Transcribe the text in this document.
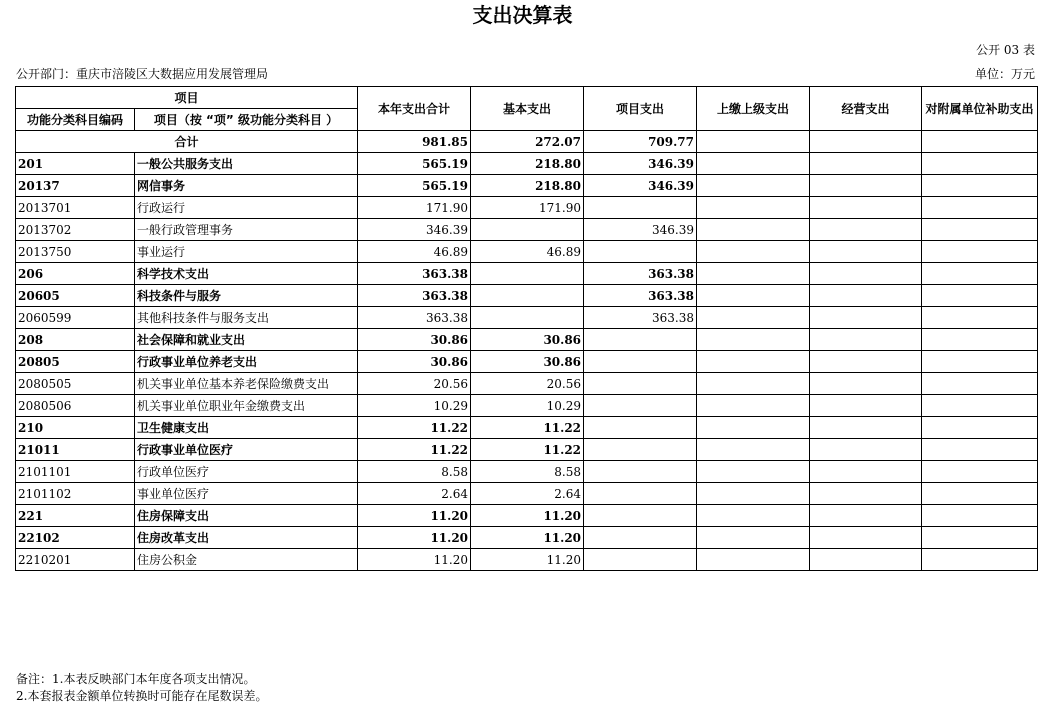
支出决算表
公开 03 表
公开部门：重庆市涪陵区大数据应用发展管理局	单位：万元
项目		本年支出合计	基本支出	项目支出	上缴上级支出	经营支出	对附属单位补助支出
功能分类科目编码	项目（按 “项” 级功能分类科目 ）						
合计		981.85	272.07	709.77			
201	一般公共服务支出	565.19	218.80	346.39			
20137	网信事务	565.19	218.80	346.39			
2013701	行政运行	171.90	171.90				
2013702	一般行政管理事务	346.39		346.39			
2013750	事业运行	46.89	46.89				
206	科学技术支出	363.38		363.38			
20605	科技条件与服务	363.38		363.38			
2060599	其他科技条件与服务支出	363.38		363.38			
208	社会保障和就业支出	30.86	30.86				
20805	行政事业单位养老支出	30.86	30.86				
2080505	机关事业单位基本养老保险缴费支出	20.56	20.56				
2080506	机关事业单位职业年金缴费支出	10.29	10.29				
210	卫生健康支出	11.22	11.22				
21011	行政事业单位医疗	11.22	11.22				
2101101	行政单位医疗	8.58	8.58				
2101102	事业单位医疗	2.64	2.64				
221	住房保障支出	11.20	11.20				
22102	住房改革支出	11.20	11.20				
2210201	住房公积金	11.20	11.20				
备注：1.本表反映部门本年度各项支出情况。
2.本套报表金额单位转换时可能存在尾数误差。
